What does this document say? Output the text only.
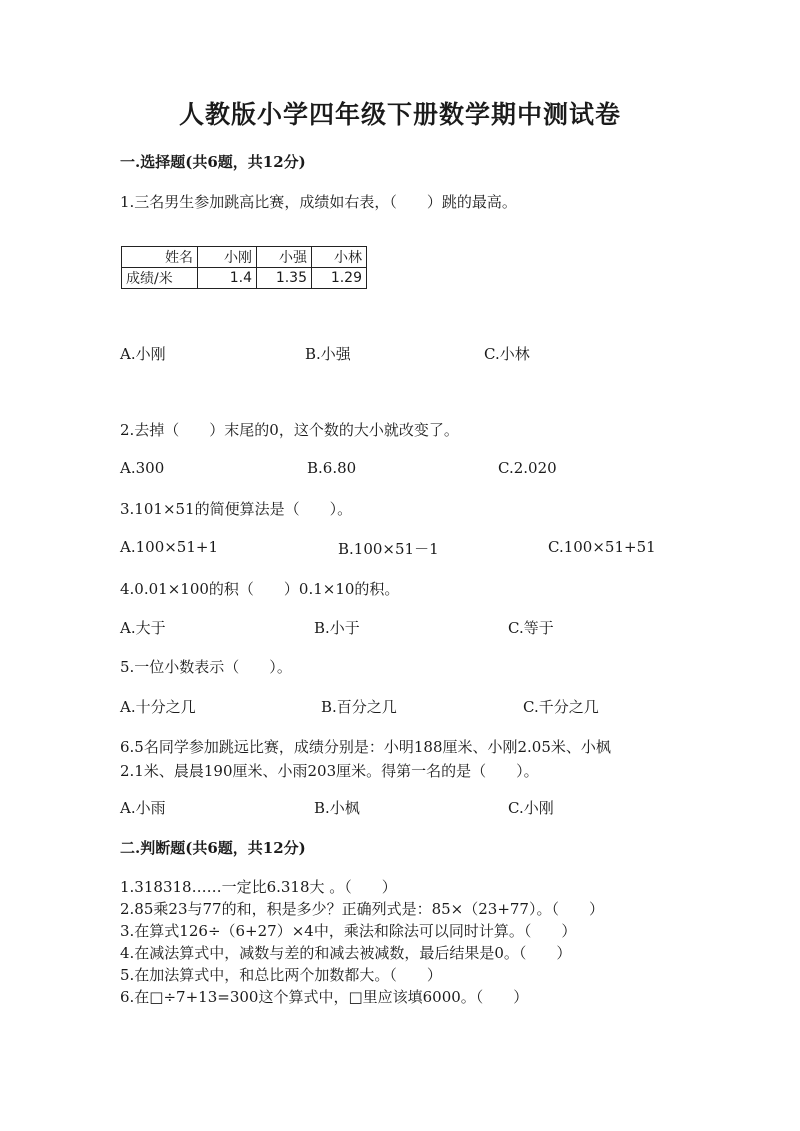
人教版小学四年级下册数学期中测试卷
一.选择题(共6题，共12分)
1.三名男生参加跳高比赛，成绩如右表，（　　）跳的最高。
姓名	小刚	小强	小林
成绩/米	1.4	1.35	1.29
A.小刚	B.小强	C.小林
2.去掉（　　）末尾的0，这个数的大小就改变了。
A.300	B.6.80	C.2.020
3.101×51的简便算法是（　　）。
A.100×51+1	B.100×51－1	C.100×51+51
4.0.01×100的积（　　）0.1×10的积。
A.大于	B.小于	C.等于
5.一位小数表示（　　）。
A.十分之几	B.百分之几	C.千分之几
6.5名同学参加跳远比赛，成绩分别是：小明188厘米、小刚2.05米、小枫
2.1米、晨晨190厘米、小雨203厘米。得第一名的是（　　）。
A.小雨	B.小枫	C.小刚
二.判断题(共6题，共12分)
1.318318……一定比6.318大 。（　　）
2.85乘23与77的和，积是多少？正确列式是：85×（23+77）。（　　）
3.在算式126÷（6+27）×4中，乘法和除法可以同时计算。（　　）
4.在减法算式中，减数与差的和减去被减数，最后结果是0。（　　）
5.在加法算式中，和总比两个加数都大。（　　）
6.在□÷7+13=300这个算式中，□里应该填6000。（　　）
